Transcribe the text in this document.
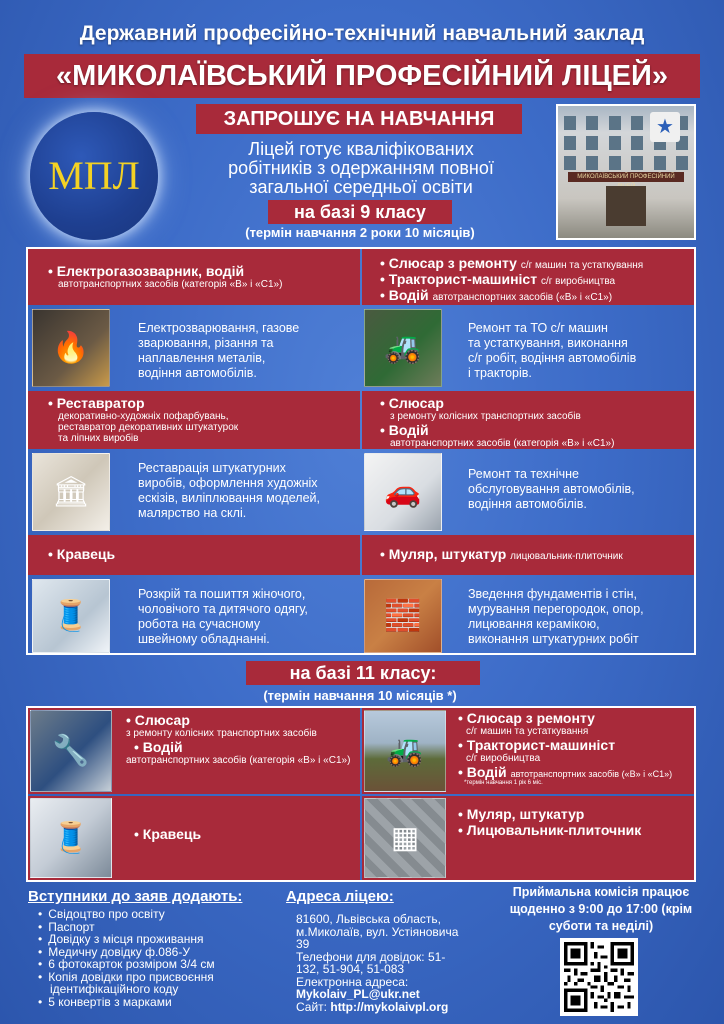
Державний професійно-технічний навчальний заклад
«МИКОЛАЇВСЬКИЙ ПРОФЕСІЙНИЙ ЛІЦЕЙ»
ЗАПРОШУЄ НА НАВЧАННЯ
МПЛ
Ліцей готує кваліфікованих
робітників з одержанням повної
загальної середньої освіти
на базі 9 класу
(термін навчання 2 роки 10 місяців)
★
МИКОЛАЇВСЬКИЙ ПРОФЕСІЙНИЙ
• Електрогазозварник, водій
автотранспортних засобів (категорія «В» і «С1»)
• Слюсар з ремонту с/г машин та устаткування
• Тракторист-машиніст с/г виробництва
• Водій автотранспортних засобів («В» і «С1»)
🔥
Електрозварювання, газове
зварювання, різання та
наплавлення металів,
водіння автомобілів.
🚜
Ремонт та ТО с/г машин
та устаткування, виконання
с/г робіт, водіння автомобілів
і тракторів.
• Реставратор
декоративно-художніх пофарбувань,
реставратор декоративних штукатурок
та ліпних виробів
• Слюсар
з ремонту колісних транспортних засобів
• Водій
автотранспортних засобів (категорія «В» і «С1»)
🏛
Реставрація штукатурних
виробів, оформлення художніх
ескізів, виліплювання моделей,
малярство на склі.
🚗
Ремонт та технічне
обслуговування автомобілів,
водіння автомобілів.
• Кравець	• Муляр, штукатур лицювальник-плиточник
🧵
Розкрій та пошиття жіночого,
чоловічого та дитячого одягу,
робота на сучасному
швейному обладнанні.
🧱
Зведення фундаментів і стін,
мурування перегородок, опор,
лицювання керамікою,
виконання штукатурних робіт
на базі 11 класу:
(термін навчання 10 місяців *)
🔧
• Слюсар
з ремонту колісних транспортних засобів
• Водій
автотранспортних засобів (категорія «В» і «С1»)	🚜
• Слюсар з ремонту
с/г машин та устаткування
• Тракторист-машиніст
с/г виробництва
• Водій автотранспортних засобів («В» і «С1»)
*термін навчання 1 рік 6 міс.
🧵	• Кравець	▦
• Муляр, штукатур
• Лицювальник-плиточник
Вступники до заяв додають:
• Свідоцтво про освіту
• Паспорт
• Довідку з місця проживання
• Медичну довідку ф.086-У
• 6 фотокарток розміром 3/4 см
• Копія довідки про присвоєння
ідентифікаційного коду
• 5 конвертів з марками
Адреса ліцею:
81600, Львівська область,
м.Миколаїв, вул. Устіяновича
39
Телефони для довідок: 51-
132, 51-904, 51-083
Електронна адреса:
Mykolaiv_PL@ukr.net
Сайт: http://mykolaivpl.org
Приймальна комісія працює
щоденно з 9:00 до 17:00 (крім
суботи та неділі)
